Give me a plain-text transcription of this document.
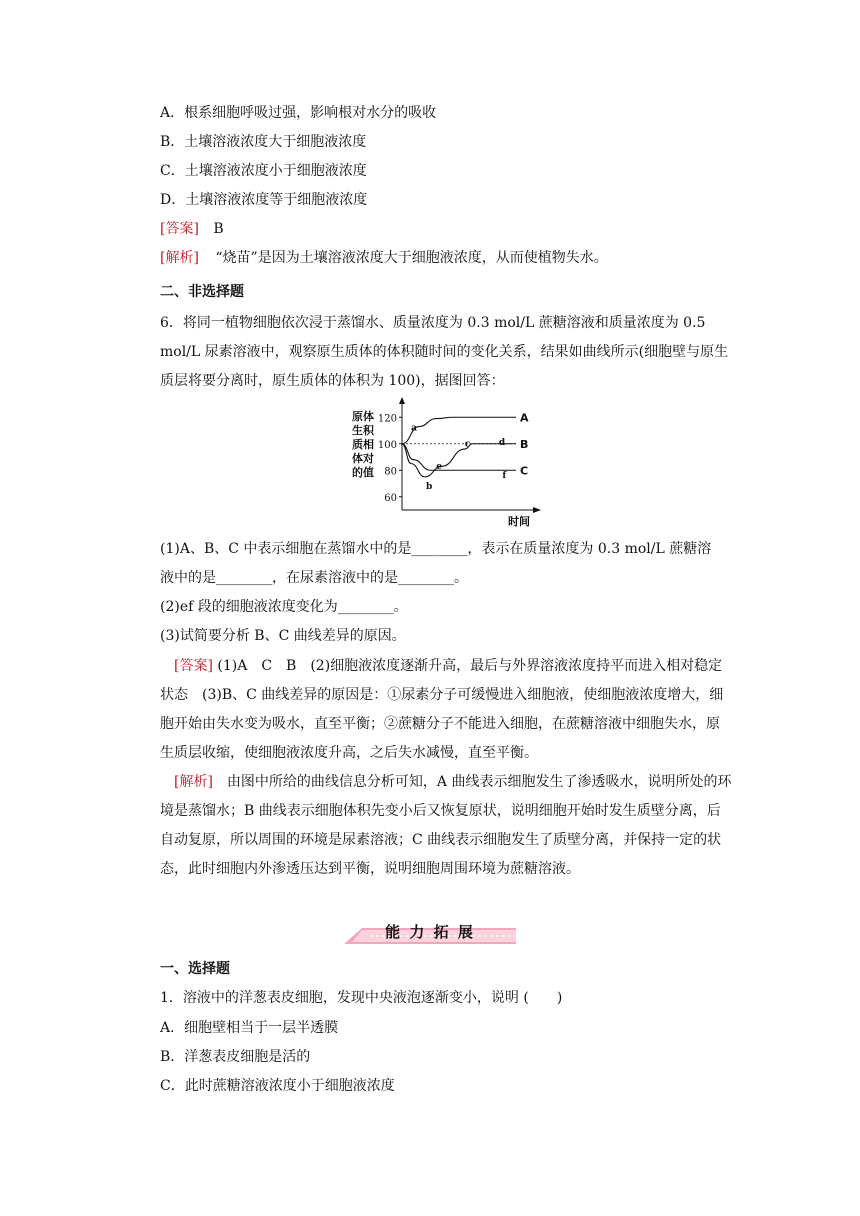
A．根系细胞呼吸过强，影响根对水分的吸收
B．土壤溶液浓度大于细胞液浓度
C．土壤溶液浓度小于细胞液浓度
D．土壤溶液浓度等于细胞液浓度
[答案] B
[解析] “烧苗”是因为土壤溶液浓度大于细胞液浓度，从而使植物失水。
二、非选择题
6．将同一植物细胞依次浸于蒸馏水、质量浓度为 0.3 mol/L 蔗糖溶液和质量浓度为 0.5
mol/L 尿素溶液中，观察原生质体的体积随时间的变化关系，结果如曲线所示(细胞壁与原生
质层将要分离时，原生质体的体积为 100)，据图回答：
原体
生积
质相
体对
的值
60
80
100
120	A
B
C
a
b
c	d
e
f
时间
(1)A、B、C 中表示细胞在蒸馏水中的是________，表示在质量浓度为 0.3 mol/L 蔗糖溶
液中的是________，在尿素溶液中的是________。
(2)ef 段的细胞液浓度变化为________。
(3)试简要分析 B、C 曲线差异的原因。
[答案] (1)A　C　B　(2)细胞液浓度逐渐升高，最后与外界溶液浓度持平而进入相对稳定状态　(3)B、C 曲线差异的原因是：①尿素分子可缓慢进入细胞液，使细胞液浓度增大，细胞开始由失水变为吸水，直至平衡；②蔗糖分子不能进入细胞，在蔗糖溶液中细胞失水，原生质层收缩，使细胞液浓度升高，之后失水减慢，直至平衡。
[解析]　由图中所给的曲线信息分析可知，A 曲线表示细胞发生了渗透吸水，说明所处的环境是蒸馏水；B 曲线表示细胞体积先变小后又恢复原状，说明细胞开始时发生质壁分离，后自动复原，所以周围的环境是尿素溶液；C 曲线表示细胞发生了质壁分离，并保持一定的状态，此时细胞内外渗透压达到平衡，说明细胞周围环境为蔗糖溶液。
能 力 拓 展
一、选择题
1．溶液中的洋葱表皮细胞，发现中央液泡逐渐变小，说明 (　　)
A．细胞壁相当于一层半透膜
B．洋葱表皮细胞是活的
C．此时蔗糖溶液浓度小于细胞液浓度
